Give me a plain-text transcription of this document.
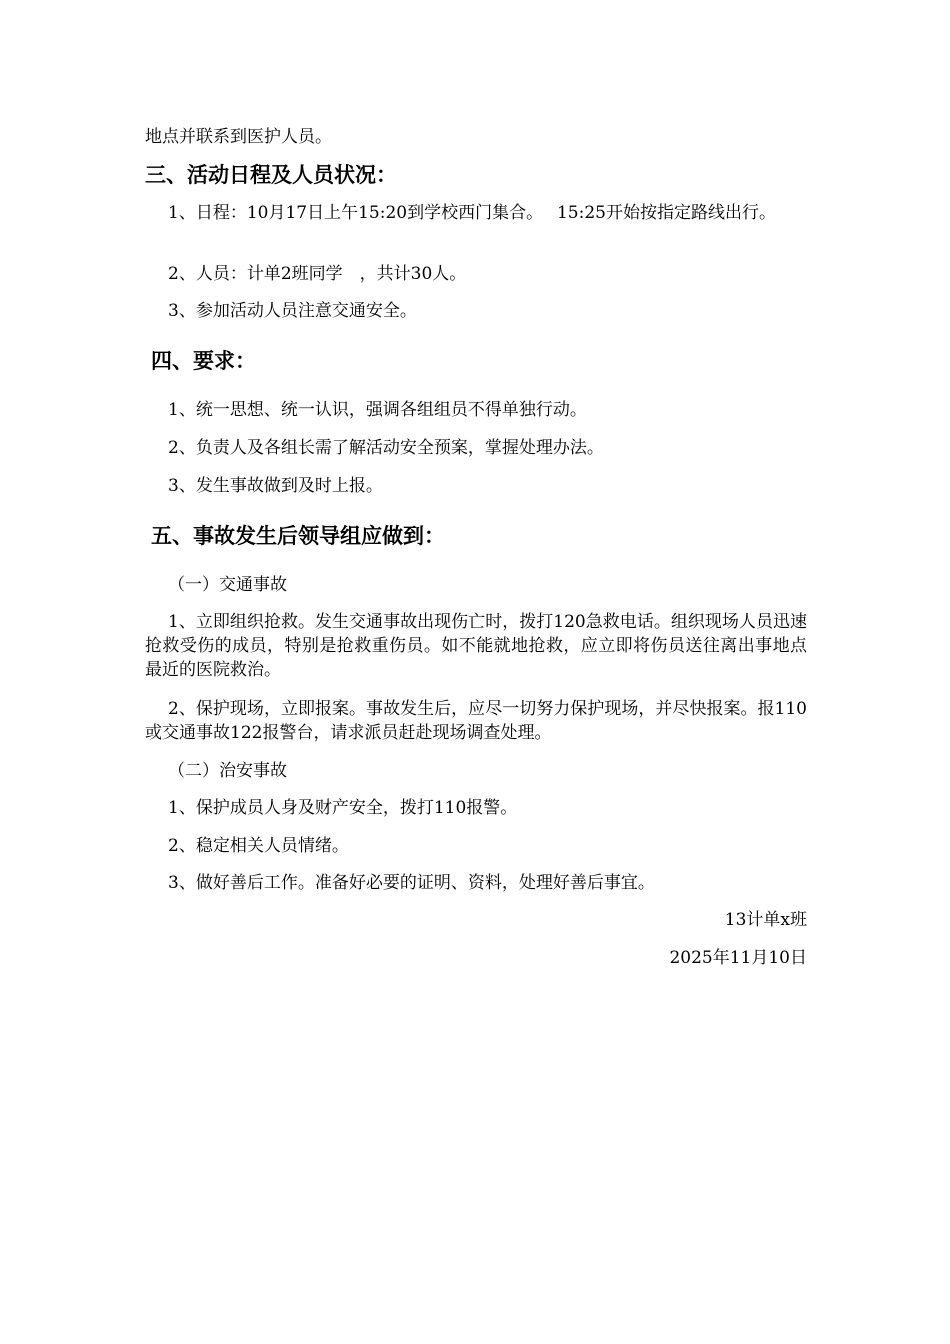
地点并联系到医护人员。
三、活动日程及人员状况：
1、日程：10月17日上午15:20到学校西门集合。　 15:25开始按指定路线出行。
2、人员：计单2班同学　，共计30人。
3、参加活动人员注意交通安全。
四、要求：
1、统一思想、统一认识，强调各组组员不得单独行动。
2、负责人及各组长需了解活动安全预案，掌握处理办法。
3、发生事故做到及时上报。
五、事故发生后领导组应做到：
（一）交通事故
1、立即组织抢救。发生交通事故出现伤亡时，拨打120急救电话。组织现场人员迅速抢救受伤的成员，特别是抢救重伤员。如不能就地抢救，应立即将伤员送往离出事地点最近的医院救治。
2、保护现场，立即报案。事故发生后，应尽一切努力保护现场，并尽快报案。报110或交通事故122报警台，请求派员赶赴现场调查处理。
（二）治安事故
1、保护成员人身及财产安全，拨打110报警。
2、稳定相关人员情绪。
3、做好善后工作。准备好必要的证明、资料，处理好善后事宜。
13计单x班
2025年11月10日
